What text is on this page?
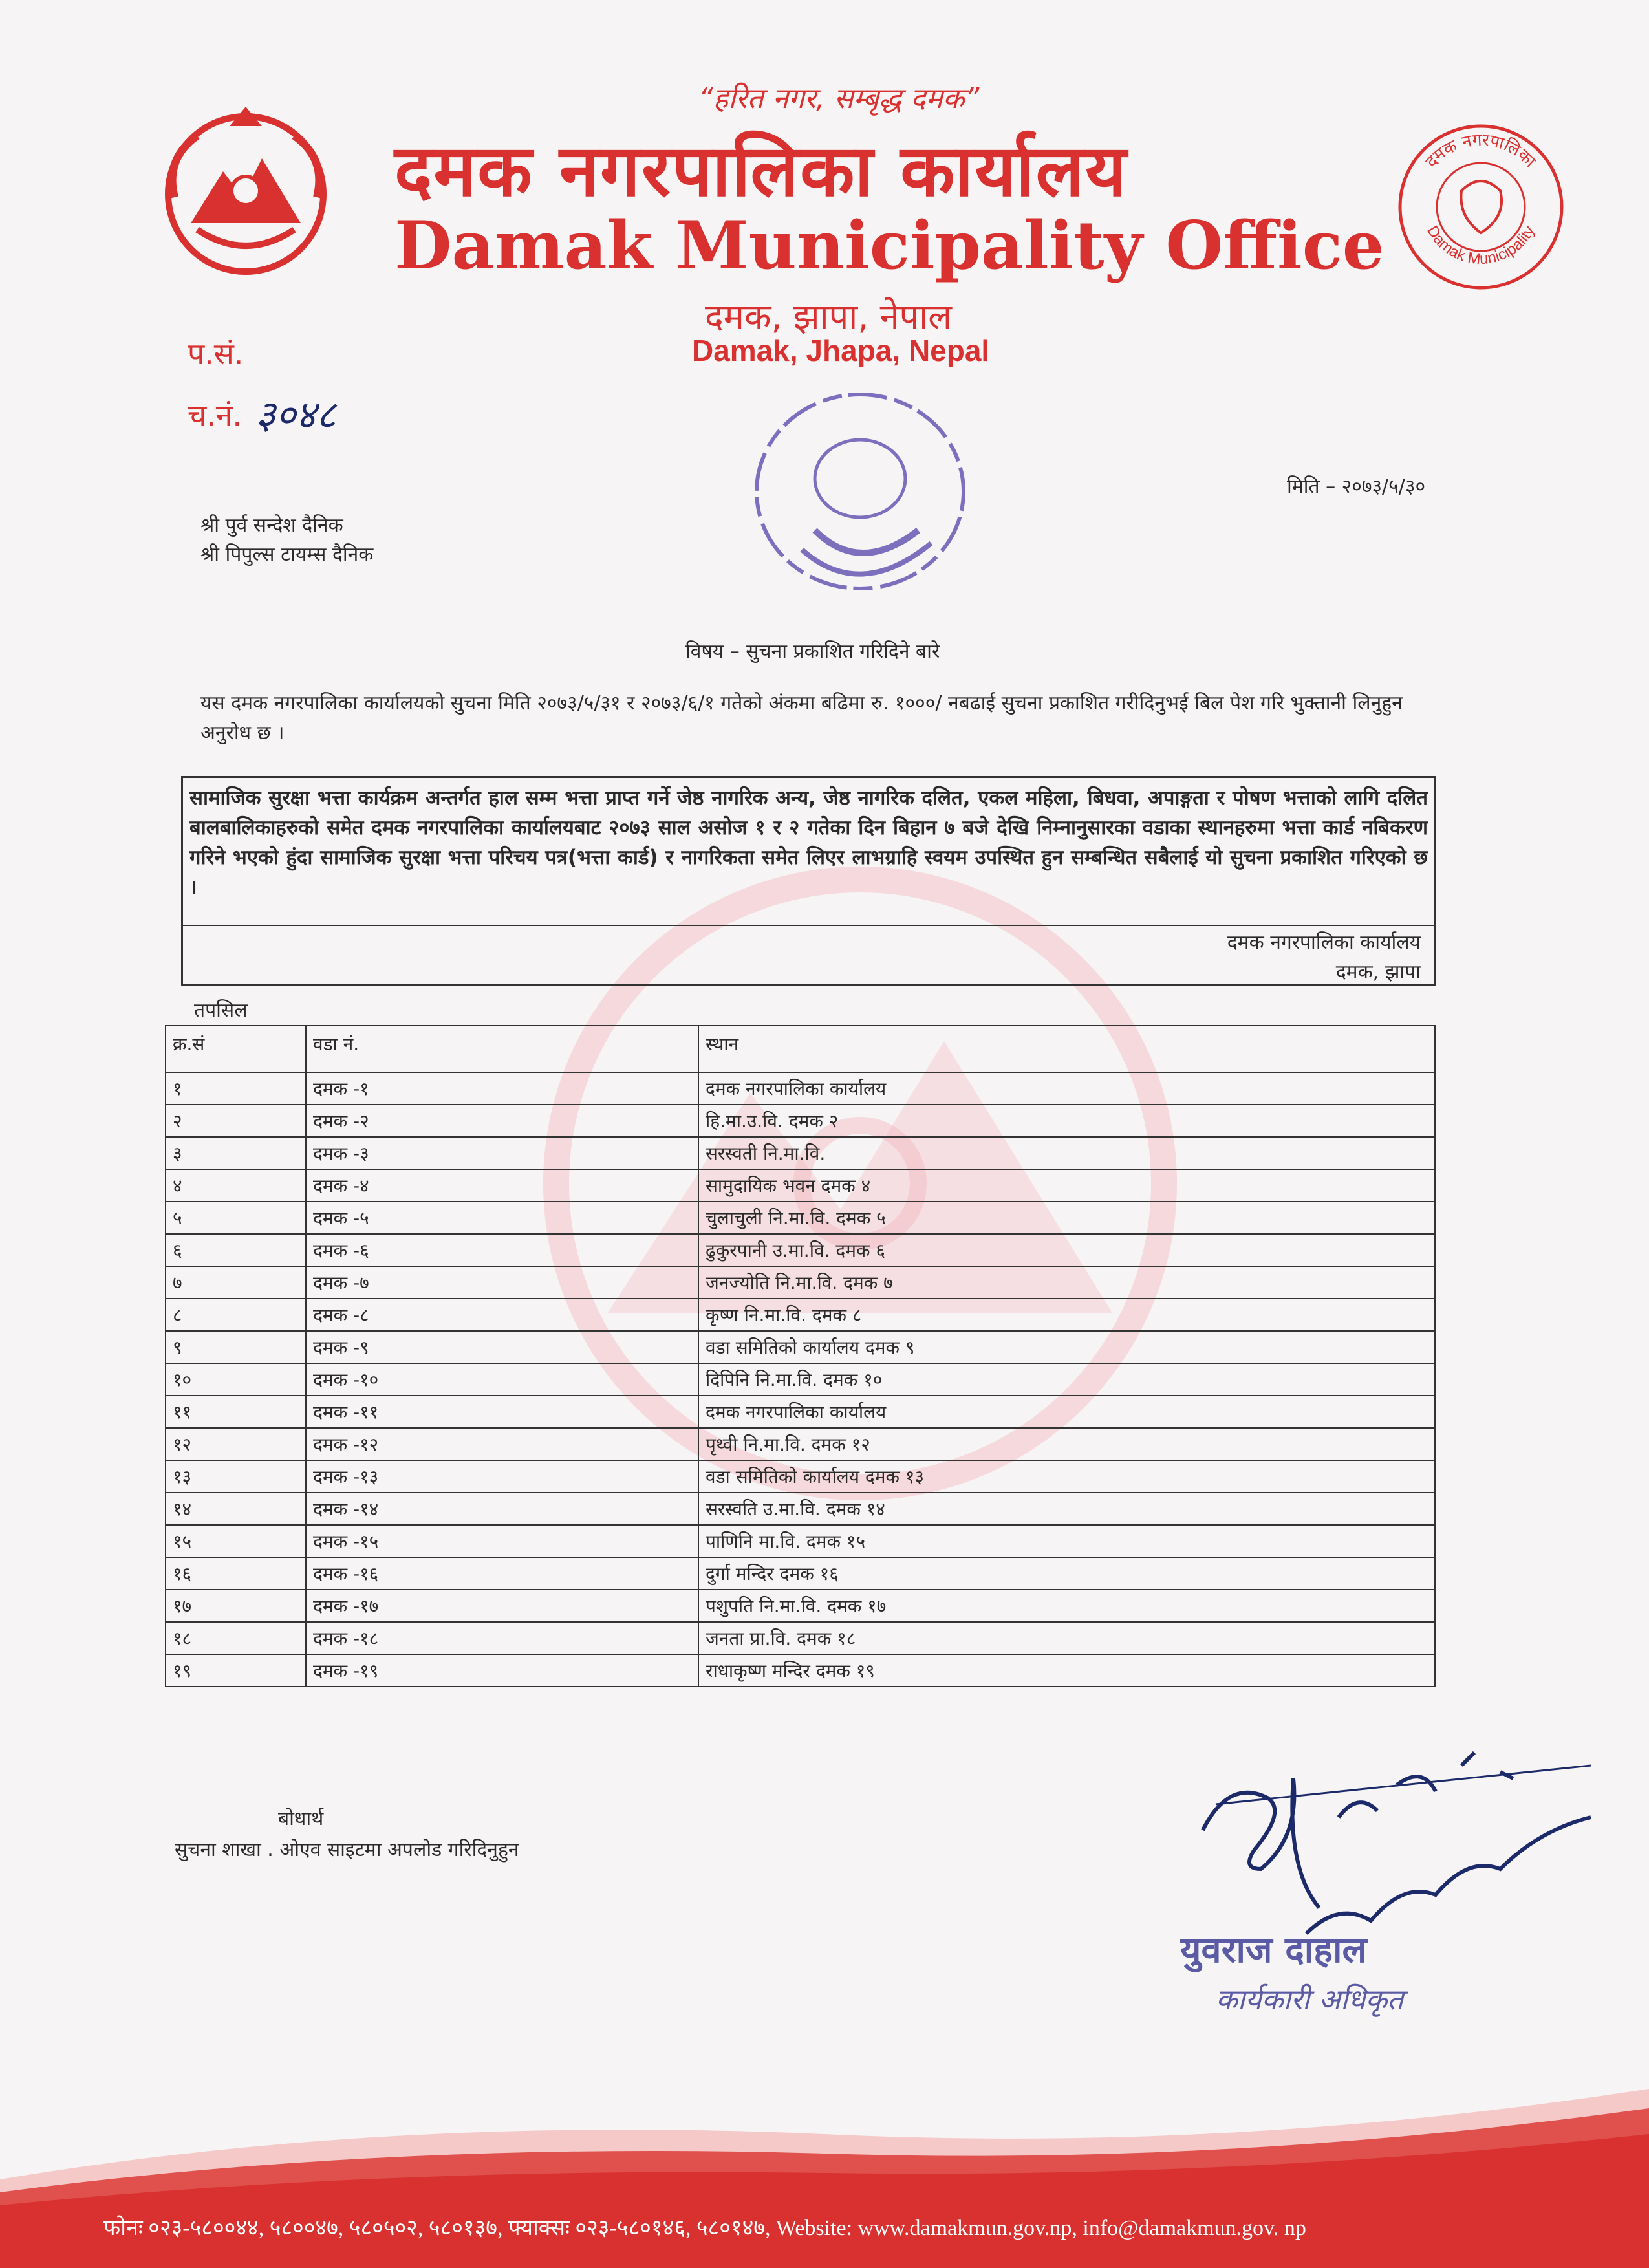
“हरित नगर, सम्बृद्ध दमक”
दमक नगरपालिका कार्यालय
Damak Municipality Office
दमक, झापा, नेपाल
Damak, Jhapa, Nepal
दमक नगरपालिका
Damak Municipality
प.सं.
च.नं. ३०४८
मिति – २०७३/५/३०
श्री पुर्व सन्देश दैनिक
श्री पिपुल्स टायम्स दैनिक
विषय – सुचना प्रकाशित गरिदिने बारे
यस दमक नगरपालिका कार्यालयको सुचना मिति २०७३/५/३१ र २०७३/६/१ गतेको अंकमा बढिमा रु. १०००/ नबढाई सुचना प्रकाशित गरीदिनुभई बिल पेश गरि भुक्तानी लिनुहुन अनुरोध छ ।
सामाजिक सुरक्षा भत्ता कार्यक्रम अन्तर्गत हाल सम्म भत्ता प्राप्त गर्ने जेष्ठ नागरिक अन्य, जेष्ठ नागरिक दलित, एकल महिला, बिधवा, अपाङ्गता र पोषण भत्ताको लागि दलित बालबालिकाहरुको समेत दमक नगरपालिका कार्यालयबाट २०७३ साल असोज १ र २ गतेका दिन बिहान ७ बजे देखि निम्नानुसारका वडाका स्थानहरुमा भत्ता कार्ड नबिकरण गरिने भएको हुंदा सामाजिक सुरक्षा भत्ता परिचय पत्र(भत्ता कार्ड) र नागरिकता समेत लिएर लाभग्राहि स्वयम उपस्थित हुन सम्बन्धित सबैलाई यो सुचना प्रकाशित गरिएको छ ।
दमक नगरपालिका कार्यालय
दमक, झापा
तपसिल
क्र.सं	वडा नं.	स्थान
१	दमक -१	दमक नगरपालिका कार्यालय
२	दमक -२	हि.मा.उ.वि. दमक २
३	दमक -३	सरस्वती नि.मा.वि.
४	दमक -४	सामुदायिक भवन दमक ४
५	दमक -५	चुलाचुली नि.मा.वि. दमक ५
६	दमक -६	ढुकुरपानी उ.मा.वि. दमक ६
७	दमक -७	जनज्योति नि.मा.वि. दमक ७
८	दमक -८	कृष्ण नि.मा.वि. दमक ८
९	दमक -९	वडा समितिको कार्यालय दमक ९
१०	दमक -१०	दिपिनि नि.मा.वि. दमक १०
११	दमक -११	दमक नगरपालिका कार्यालय
१२	दमक -१२	पृथ्वी नि.मा.वि. दमक १२
१३	दमक -१३	वडा समितिको कार्यालय दमक १३
१४	दमक -१४	सरस्वति उ.मा.वि. दमक १४
१५	दमक -१५	पाणिनि मा.वि. दमक १५
१६	दमक -१६	दुर्गा मन्दिर दमक १६
१७	दमक -१७	पशुपति नि.मा.वि. दमक १७
१८	दमक -१८	जनता प्रा.वि. दमक १८
१९	दमक -१९	राधाकृष्ण मन्दिर दमक १९
बोधार्थ
सुचना शाखा . ओएव साइटमा अपलोड गरिदिनुहुन
युवराज दाहाल
कार्यकारी अधिकृत
फोनः ०२३-५८००४४, ५८००४७, ५८०५०२, ५८०१३७, फ्याक्सः ०२३-५८०१४६, ५८०१४७, Website: www.damakmun.gov.np, info@damakmun.gov. np
